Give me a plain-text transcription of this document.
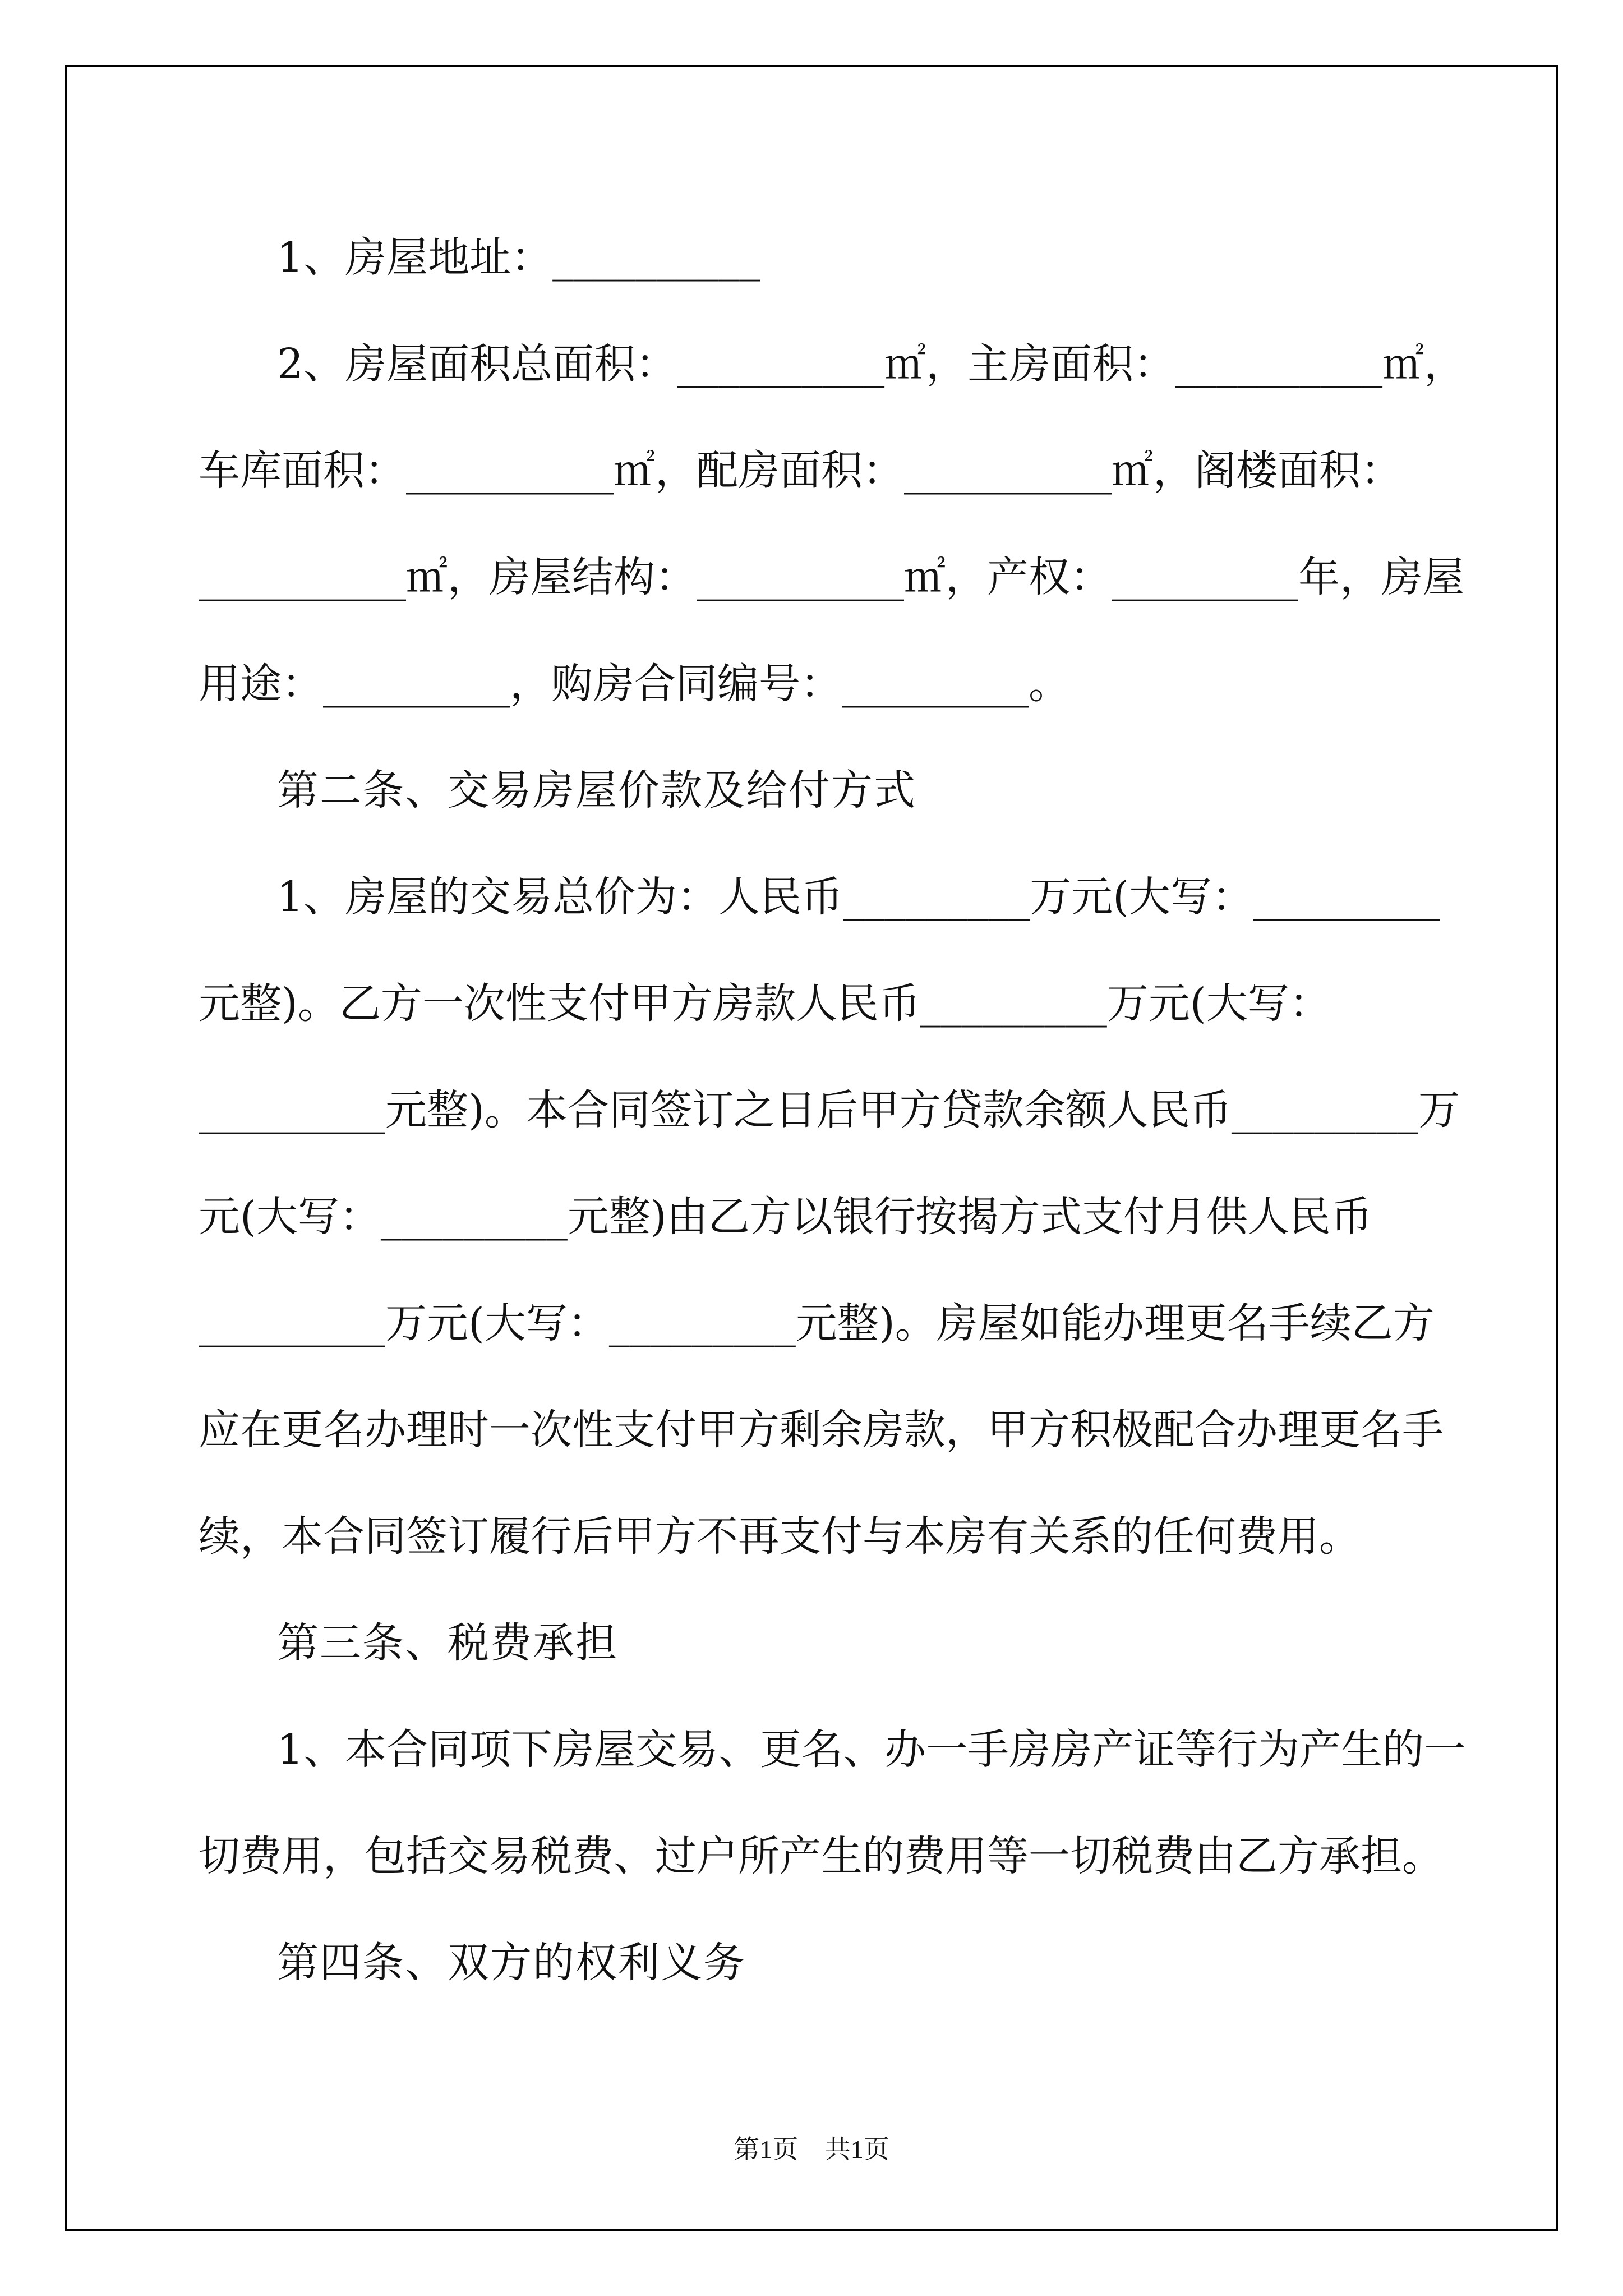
1、房屋地址：__________
2、房屋面积总面积：__________㎡，主房面积：__________㎡，
车库面积：__________㎡，配房面积：__________㎡，阁楼面积：
__________㎡，房屋结构：__________㎡，产权：_________年，房屋
用途：_________，购房合同编号：_________。
第二条、交易房屋价款及给付方式
1、房屋的交易总价为：人民币_________万元(大写：_________
元整)。乙方一次性支付甲方房款人民币_________万元(大写：
_________元整)。本合同签订之日后甲方贷款余额人民币_________万
元(大写：_________元整)由乙方以银行按揭方式支付月供人民币
_________万元(大写：_________元整)。房屋如能办理更名手续乙方
应在更名办理时一次性支付甲方剩余房款，甲方积极配合办理更名手
续，本合同签订履行后甲方不再支付与本房有关系的任何费用。
第三条、税费承担
1、本合同项下房屋交易、更名、办一手房房产证等行为产生的一
切费用，包括交易税费、过户所产生的费用等一切税费由乙方承担。
第四条、双方的权利义务
第1页 共1页
